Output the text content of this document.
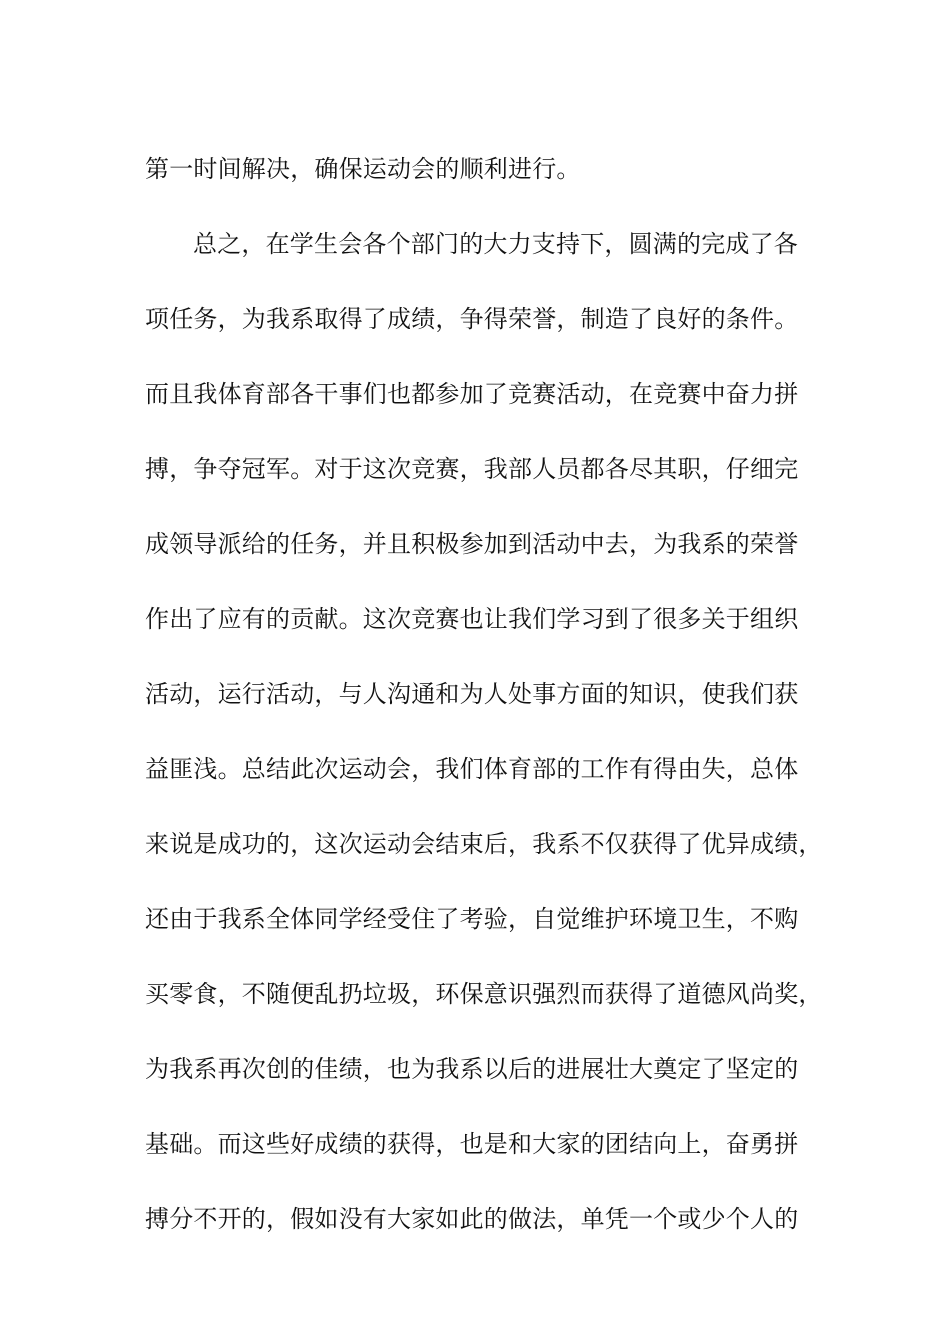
第一时间解决，确保运动会的顺利进行。
总之，在学生会各个部门的大力支持下，圆满的完成了各
项任务，为我系取得了成绩，争得荣誉，制造了良好的条件。
而且我体育部各干事们也都参加了竞赛活动，在竞赛中奋力拼
搏，争夺冠军。对于这次竞赛，我部人员都各尽其职，仔细完
成领导派给的任务，并且积极参加到活动中去，为我系的荣誉
作出了应有的贡献。这次竞赛也让我们学习到了很多关于组织
活动，运行活动，与人沟通和为人处事方面的知识，使我们获
益匪浅。总结此次运动会，我们体育部的工作有得由失，总体
来说是成功的，这次运动会结束后，我系不仅获得了优异成绩，
还由于我系全体同学经受住了考验，自觉维护环境卫生，不购
买零食，不随便乱扔垃圾，环保意识强烈而获得了道德风尚奖，
为我系再次创的佳绩，也为我系以后的进展壮大奠定了坚定的
基础。而这些好成绩的获得，也是和大家的团结向上，奋勇拼
搏分不开的，假如没有大家如此的做法，单凭一个或少个人的
